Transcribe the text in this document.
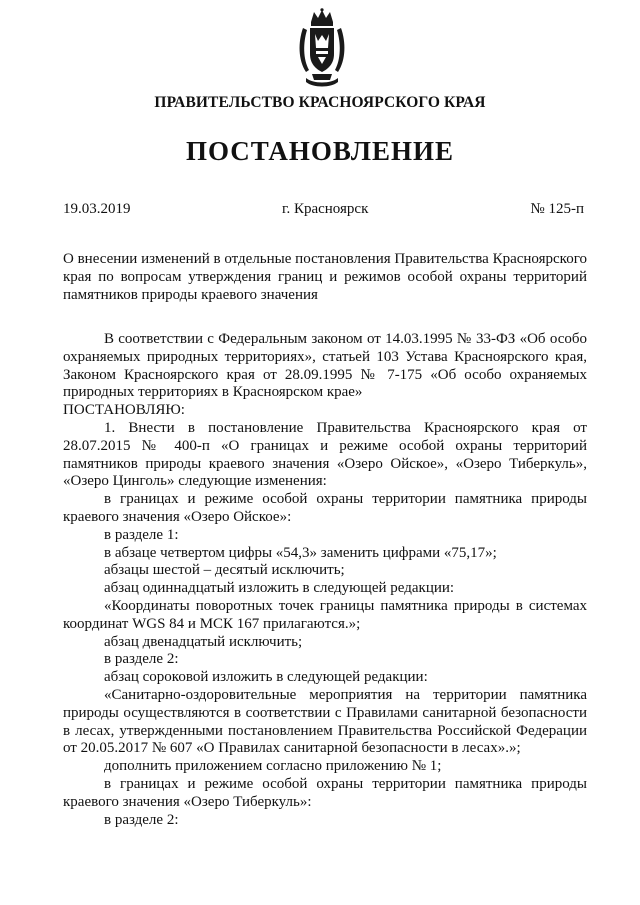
ПРАВИТЕЛЬСТВО КРАСНОЯРСКОГО КРАЯ
ПОСТАНОВЛЕНИЕ
19.03.2019	г. Красноярск	№ 125-п

О внесении изменений в отдельные постановления Правительства Красноярского края по вопросам утверждения границ и режимов особой охраны территорий памятников природы краевого значения

В соответствии с Федеральным законом от 14.03.1995 № 33-ФЗ «Об особо охраняемых природных территориях», статьей 103 Устава Красноярского края, Законом Красноярского края от 28.09.1995 № 7-175 «Об особо охраняемых природных территориях в Красноярском крае»

ПОСТАНОВЛЯЮ:

1. Внести в постановление Правительства Красноярского края от 28.07.2015 № 400-п «О границах и режиме особой охраны территорий памятников природы краевого значения «Озеро Ойское», «Озеро Тиберкуль», «Озеро Цинголь» следующие изменения:

в границах и режиме особой охраны территории памятника природы краевого значения «Озеро Ойское»:

в разделе 1:

в абзаце четвертом цифры «54,3» заменить цифрами «75,17»;

абзацы шестой – десятый исключить;

абзац одиннадцатый изложить в следующей редакции:

«Координаты поворотных точек границы памятника природы в системах координат WGS 84 и МСК 167 прилагаются.»;

абзац двенадцатый исключить;

в разделе 2:

абзац сороковой изложить в следующей редакции:

«Санитарно-оздоровительные мероприятия на территории памятника природы осуществляются в соответствии с Правилами санитарной безопасности в лесах, утвержденными постановлением Правительства Российской Федерации от 20.05.2017 № 607 «О Правилах санитарной безопасности в лесах».»;

дополнить приложением согласно приложению № 1;

в границах и режиме особой охраны территории памятника природы краевого значения «Озеро Тиберкуль»:

в разделе 2:
